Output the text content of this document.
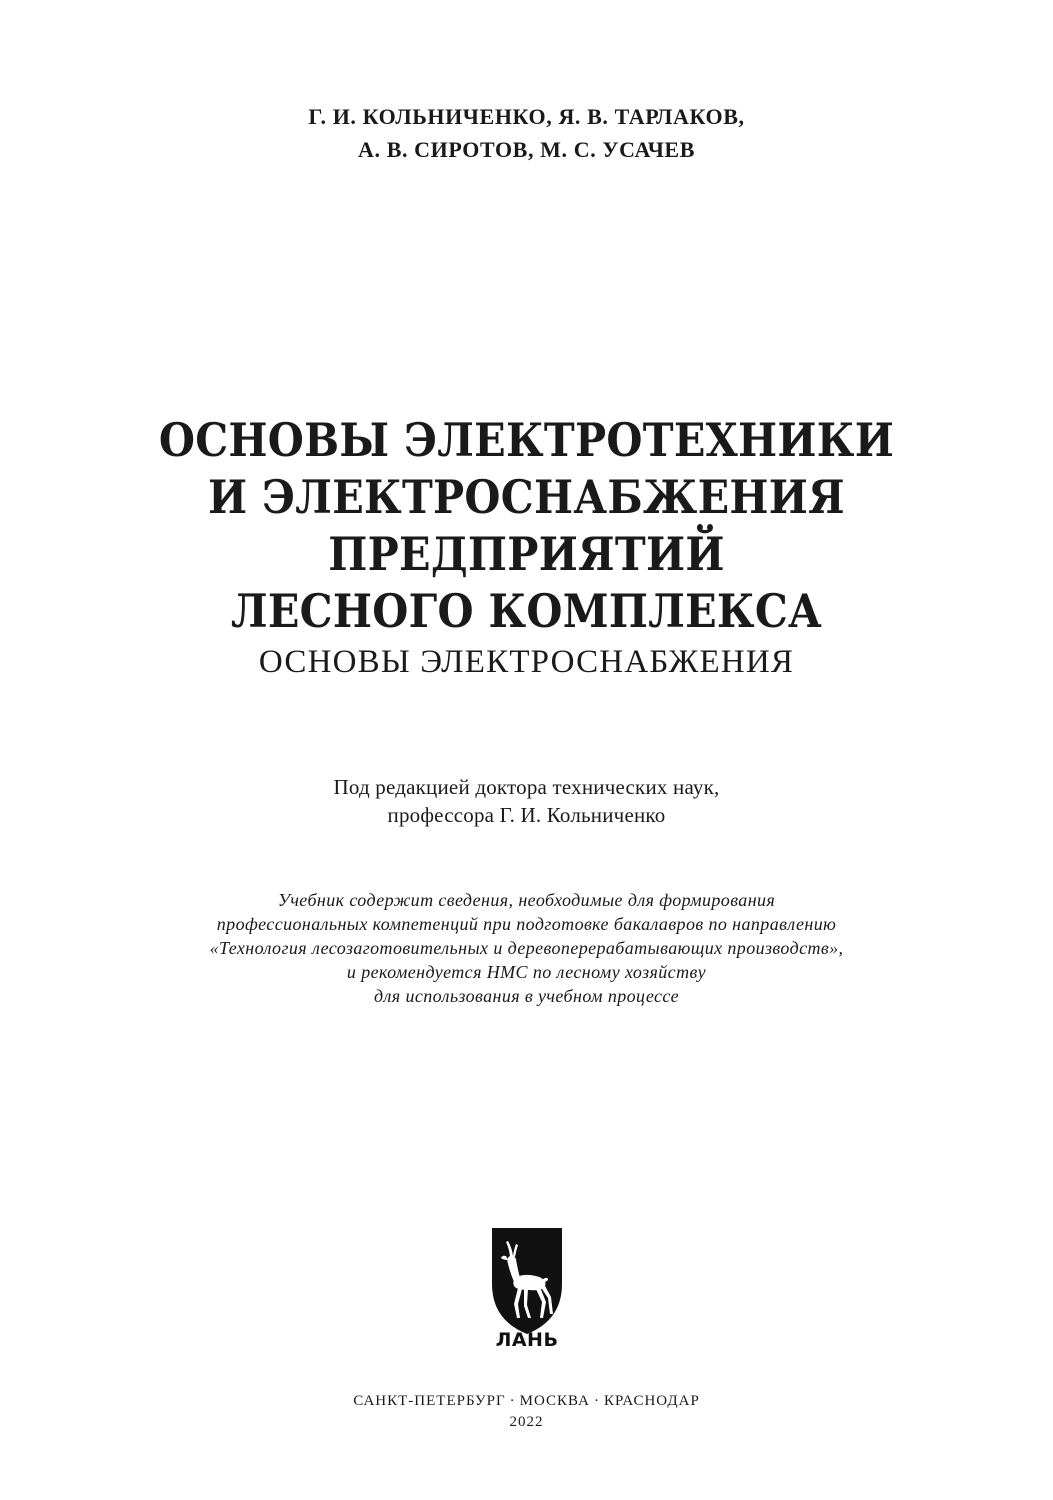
Г. И. КОЛЬНИЧЕНКО, Я. В. ТАРЛАКОВ,
А. В. СИРОТОВ, М. С. УСАЧЕВ
ОСНОВЫ ЭЛЕКТРОТЕХНИКИ
И ЭЛЕКТРОСНАБЖЕНИЯ
ПРЕДПРИЯТИЙ
ЛЕСНОГО КОМПЛЕКСА
ОСНОВЫ ЭЛЕКТРОСНАБЖЕНИЯ
Под редакцией доктора технических наук,
профессора Г. И. Кольниченко
Учебник содержит сведения, необходимые для формирования
профессиональных компетенций при подготовке бакалавров по направлению
«Технология лесозаготовительных и деревоперерабатывающих производств»,
и рекомендуется НМС по лесному хозяйству
для использования в учебном процессе
ЛАНЬ
САНКТ-ПЕТЕРБУРГ · МОСКВА · КРАСНОДАР
2022
